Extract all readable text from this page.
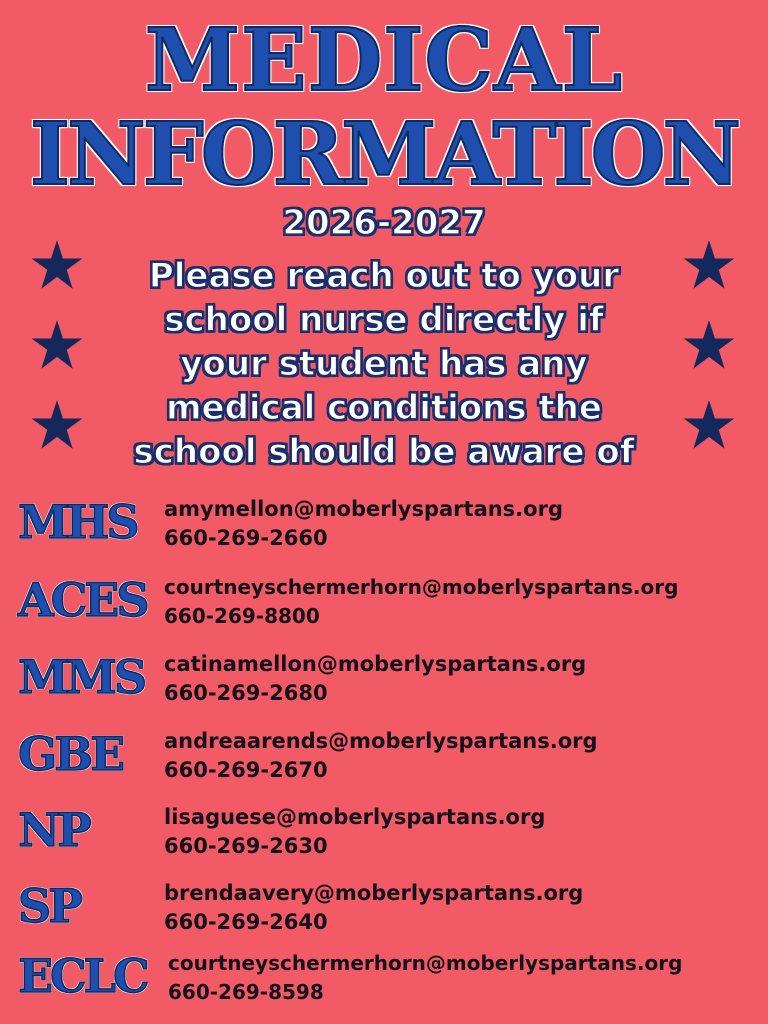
MEDICAL
INFORMATION
2026-2027
Please reach out to your
school nurse directly if
your student has any
medical conditions the
school should be aware of
MHS amymellon@moberlyspartans.org
660-269-2660
ACES courtneyschermerhorn@moberlyspartans.org
660-269-8800
MMS catinamellon@moberlyspartans.org
660-269-2680
GBE andreaarends@moberlyspartans.org
660-269-2670
NP	lisaguese@moberlyspartans.org
660-269-2630
SP	brendaavery@moberlyspartans.org
660-269-2640
ECLC courtneyschermerhorn@moberlyspartans.org
660-269-8598
